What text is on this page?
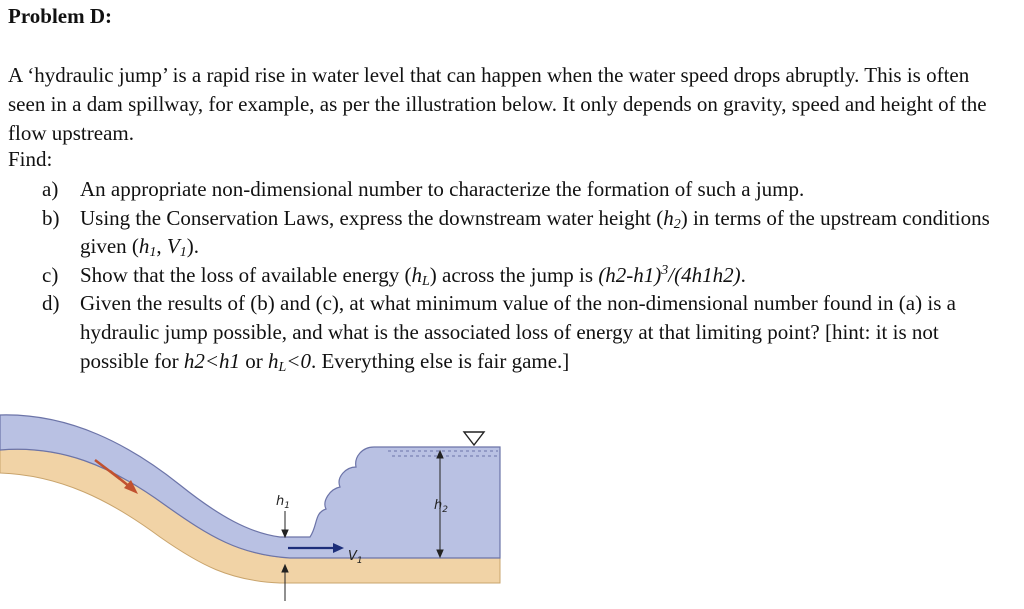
Problem D:
A ‘hydraulic jump’ is a rapid rise in water level that can happen when the water speed drops abruptly. This is often seen in a dam spillway, for example, as per the illustration below. It only depends on gravity, speed and height of the flow upstream.
Find:
a) An appropriate non-dimensional number to characterize the formation of such a jump.
b) Using the Conservation Laws, express the downstream water height $(h_2)$ in terms of the upstream conditions given ($h_1$, $V_1$).
c) Show that the loss of available energy $(h_L)$ across the jump is $(h2-h1)^3/(4h1h2)$.
d) Given the results of (b) and (c), at what minimum value of the non-dimensional number found in (a) is a hydraulic jump possible, and what is the associated loss of energy at that limiting point? [hint: it is not possible for h2<h1 or $h_L<0$. Everything else is fair game.]
$h_1$
$V_1$
$h_2$
